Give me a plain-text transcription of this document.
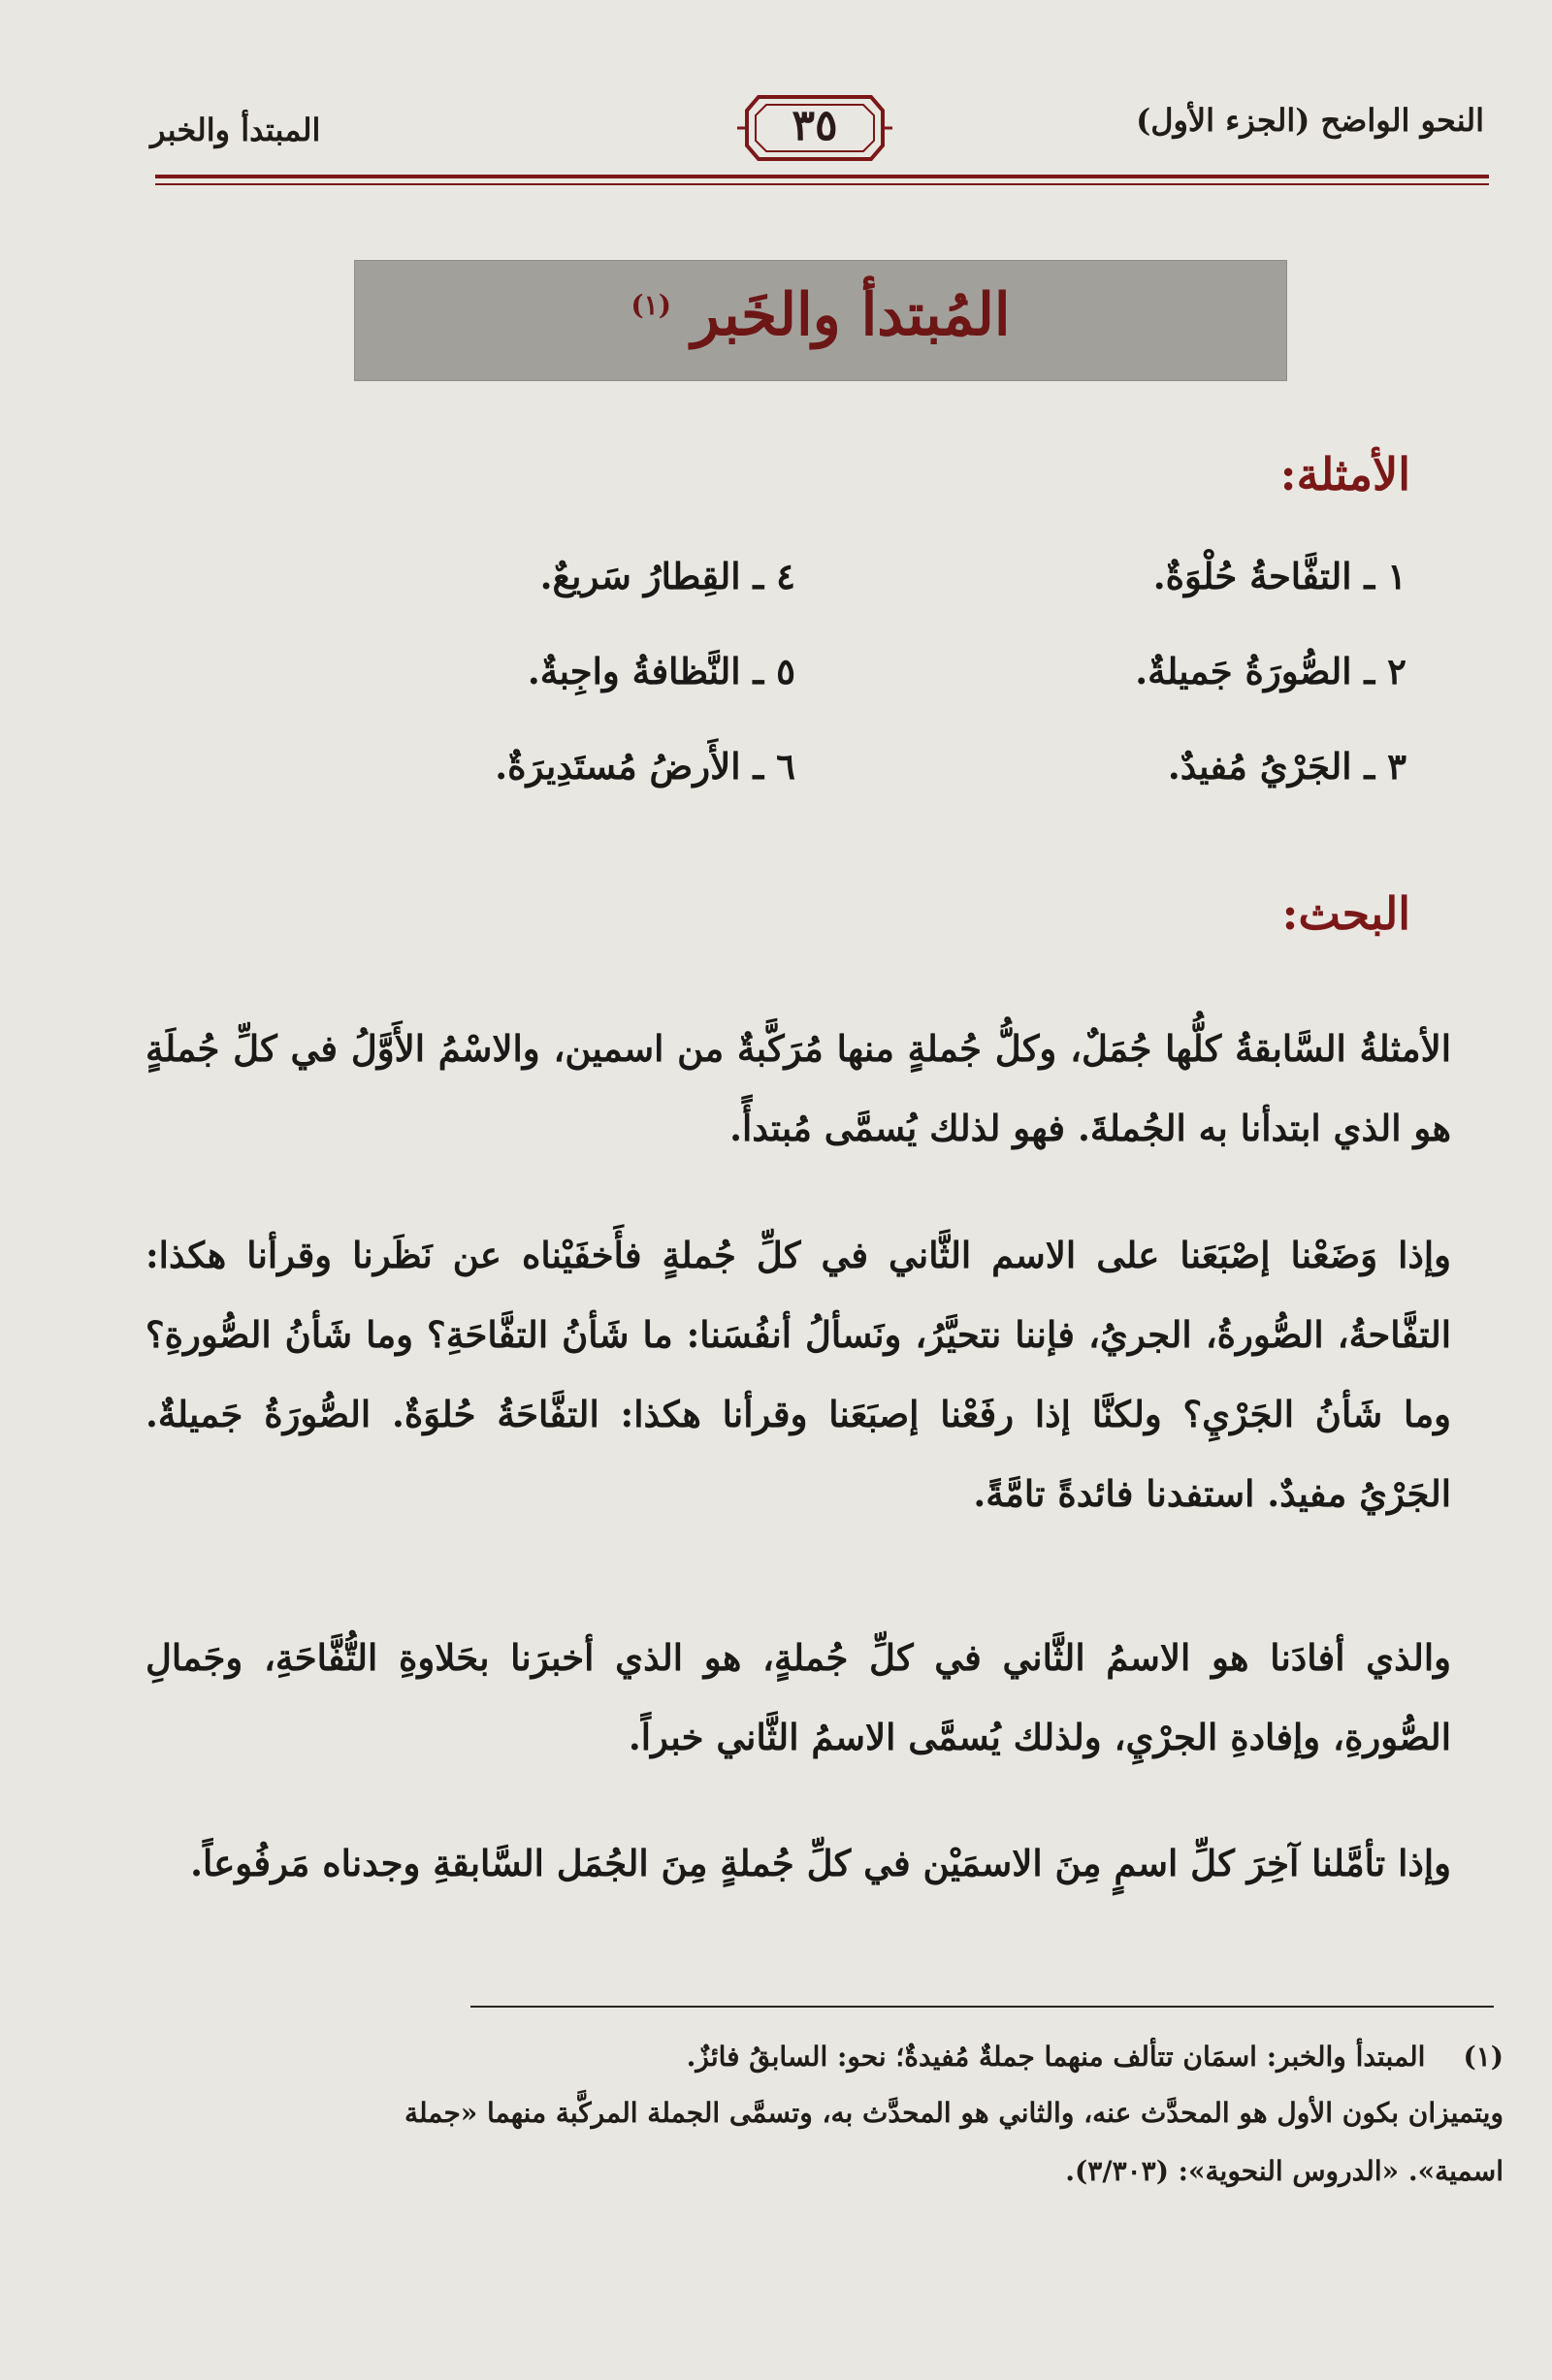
النحو الواضح (الجزء الأول)
٣٥
المبتدأ والخبر
المُبتدأ والخَبر $^{(١)}$
الأمثلة:
١ ـ التفَّاحةُ حُلْوَةٌ.
٢ ـ الصُّورَةُ جَميلةٌ.
٣ ـ الجَرْيُ مُفيدٌ.
٤ ـ القِطارُ سَريعٌ.
٥ ـ النَّظافةُ واجِبةٌ.
٦ ـ الأَرضُ مُستَدِيرَةٌ.
البحث:
الأمثلةُ السَّابقةُ كلُّها جُمَلٌ، وكلُّ جُملةٍ منها مُرَكَّبةٌ من اسمين، والاسْمُ الأَوَّلُ في كلِّ جُملَةٍ هو الذي ابتدأنا به الجُملةَ. فهو لذلك يُسمَّى مُبتدأً.
وإذا وَضَعْنا إصْبَعَنا على الاسم الثَّاني في كلِّ جُملةٍ فأَخفَيْناه عن نَظَرنا وقرأنا هكذا: التفَّاحةُ، الصُّورةُ، الجريُ، فإننا نتحيَّرُ، ونَسألُ أنفُسَنا: ما شَأنُ التفَّاحَةِ؟ وما شَأنُ الصُّورةِ؟ وما شَأنُ الجَرْيِ؟ ولكنَّا إذا رفَعْنا إصبَعَنا وقرأنا هكذا: التفَّاحَةُ حُلوَةٌ. الصُّورَةُ جَميلةٌ. الجَرْيُ مفيدٌ. استفدنا فائدةً تامَّةً.
والذي أفادَنا هو الاسمُ الثَّاني في كلِّ جُملةٍ، هو الذي أخبرَنا بحَلاوةِ التُّفَّاحَةِ، وجَمالِ الصُّورةِ، وإفادةِ الجرْيِ، ولذلك يُسمَّى الاسمُ الثَّاني خبراً.
وإذا تأمَّلنا آخِرَ كلِّ اسمٍ مِنَ الاسمَيْن في كلِّ جُملةٍ مِنَ الجُمَل السَّابقةِ وجدناه مَرفُوعاً.
(١)    المبتدأ والخبر: اسمَان تتألف منهما جملةٌ مُفيدةٌ؛ نحو: السابقُ فائزٌ.
ويتميزان بكون الأول هو المحدَّث عنه، والثاني هو المحدَّث به، وتسمَّى الجملة المركَّبة منهما «جملة
اسمية». «الدروس النحوية»: (٣/٣٠٣).
